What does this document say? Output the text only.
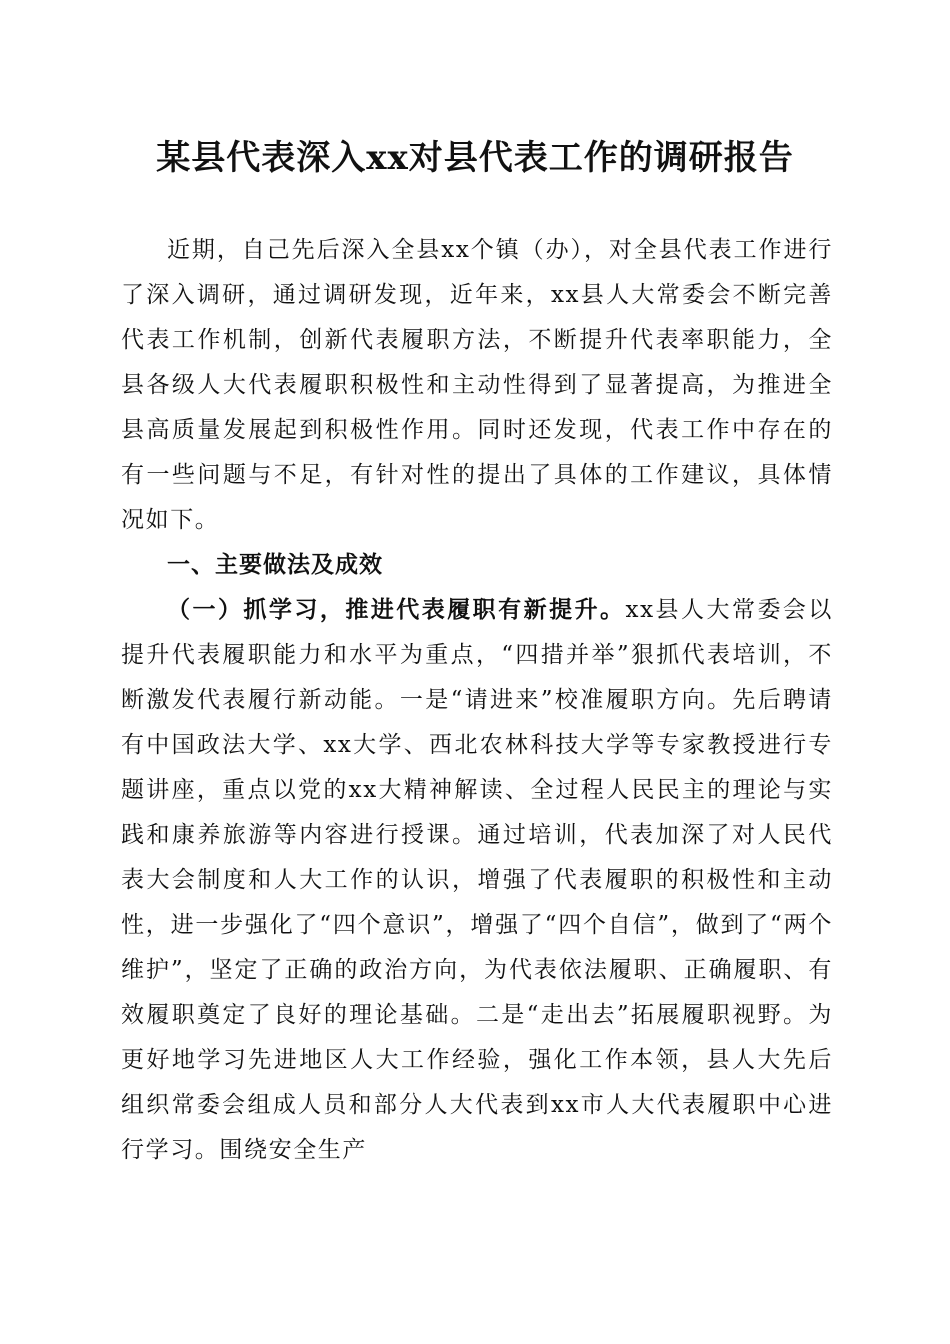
某县代表深入xx对县代表工作的调研报告

近期，自己先后深入全县xx个镇（办），对全县代表工作进行了深入调研，通过调研发现，近年来，xx县人大常委会不断完善代表工作机制，创新代表履职方法，不断提升代表率职能力，全县各级人大代表履职积极性和主动性得到了显著提高，为推进全县高质量发展起到积极性作用。同时还发现，代表工作中存在的有一些问题与不足，有针对性的提出了具体的工作建议，具体情况如下。

一、主要做法及成效

（一）抓学习，推进代表履职有新提升。xx县人大常委会以提升代表履职能力和水平为重点，“四措并举”狠抓代表培训，不断激发代表履行新动能。一是“请进来”校准履职方向。先后聘请有中国政法大学、xx大学、西北农林科技大学等专家教授进行专题讲座，重点以党的xx大精神解读、全过程人民民主的理论与实践和康养旅游等内容进行授课。通过培训，代表加深了对人民代表大会制度和人大工作的认识，增强了代表履职的积极性和主动性，进一步强化了“四个意识”，增强了“四个自信”，做到了“两个维护”，坚定了正确的政治方向，为代表依法履职、正确履职、有效履职奠定了良好的理论基础。二是“走出去”拓展履职视野。为更好地学习先进地区人大工作经验，强化工作本领，县人大先后组织常委会组成人员和部分人大代表到xx市人大代表履职中心进行学习。围绕安全生产
